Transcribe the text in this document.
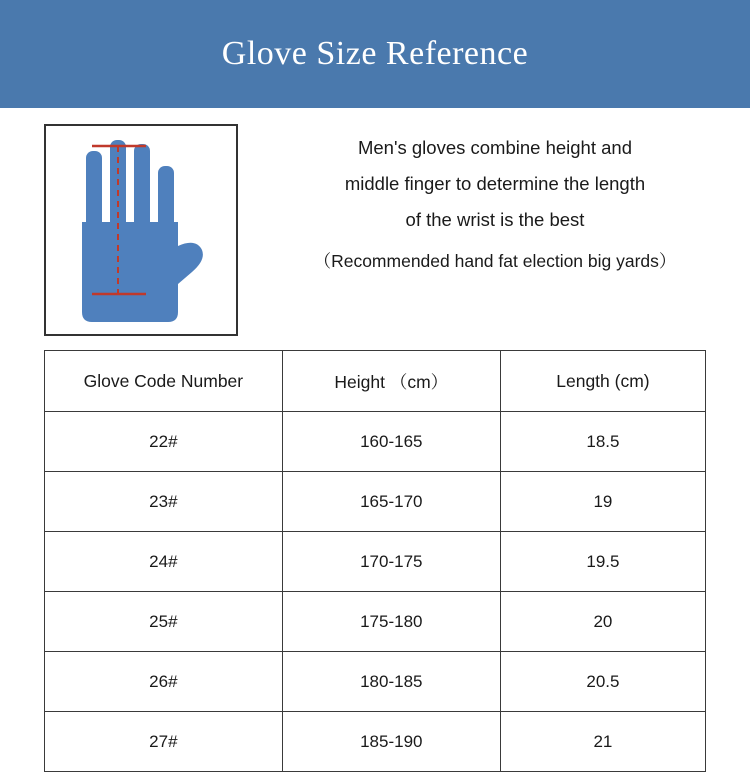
Glove Size Reference
Men's gloves combine height and
middle finger to determine the length
of the wrist is the best
（Recommended hand fat election big yards）
Glove Code Number	Height （cm）	Length (cm)
22#	160-165	18.5
23#	165-170	19
24#	170-175	19.5
25#	175-180	20
26#	180-185	20.5
27#	185-190	21
